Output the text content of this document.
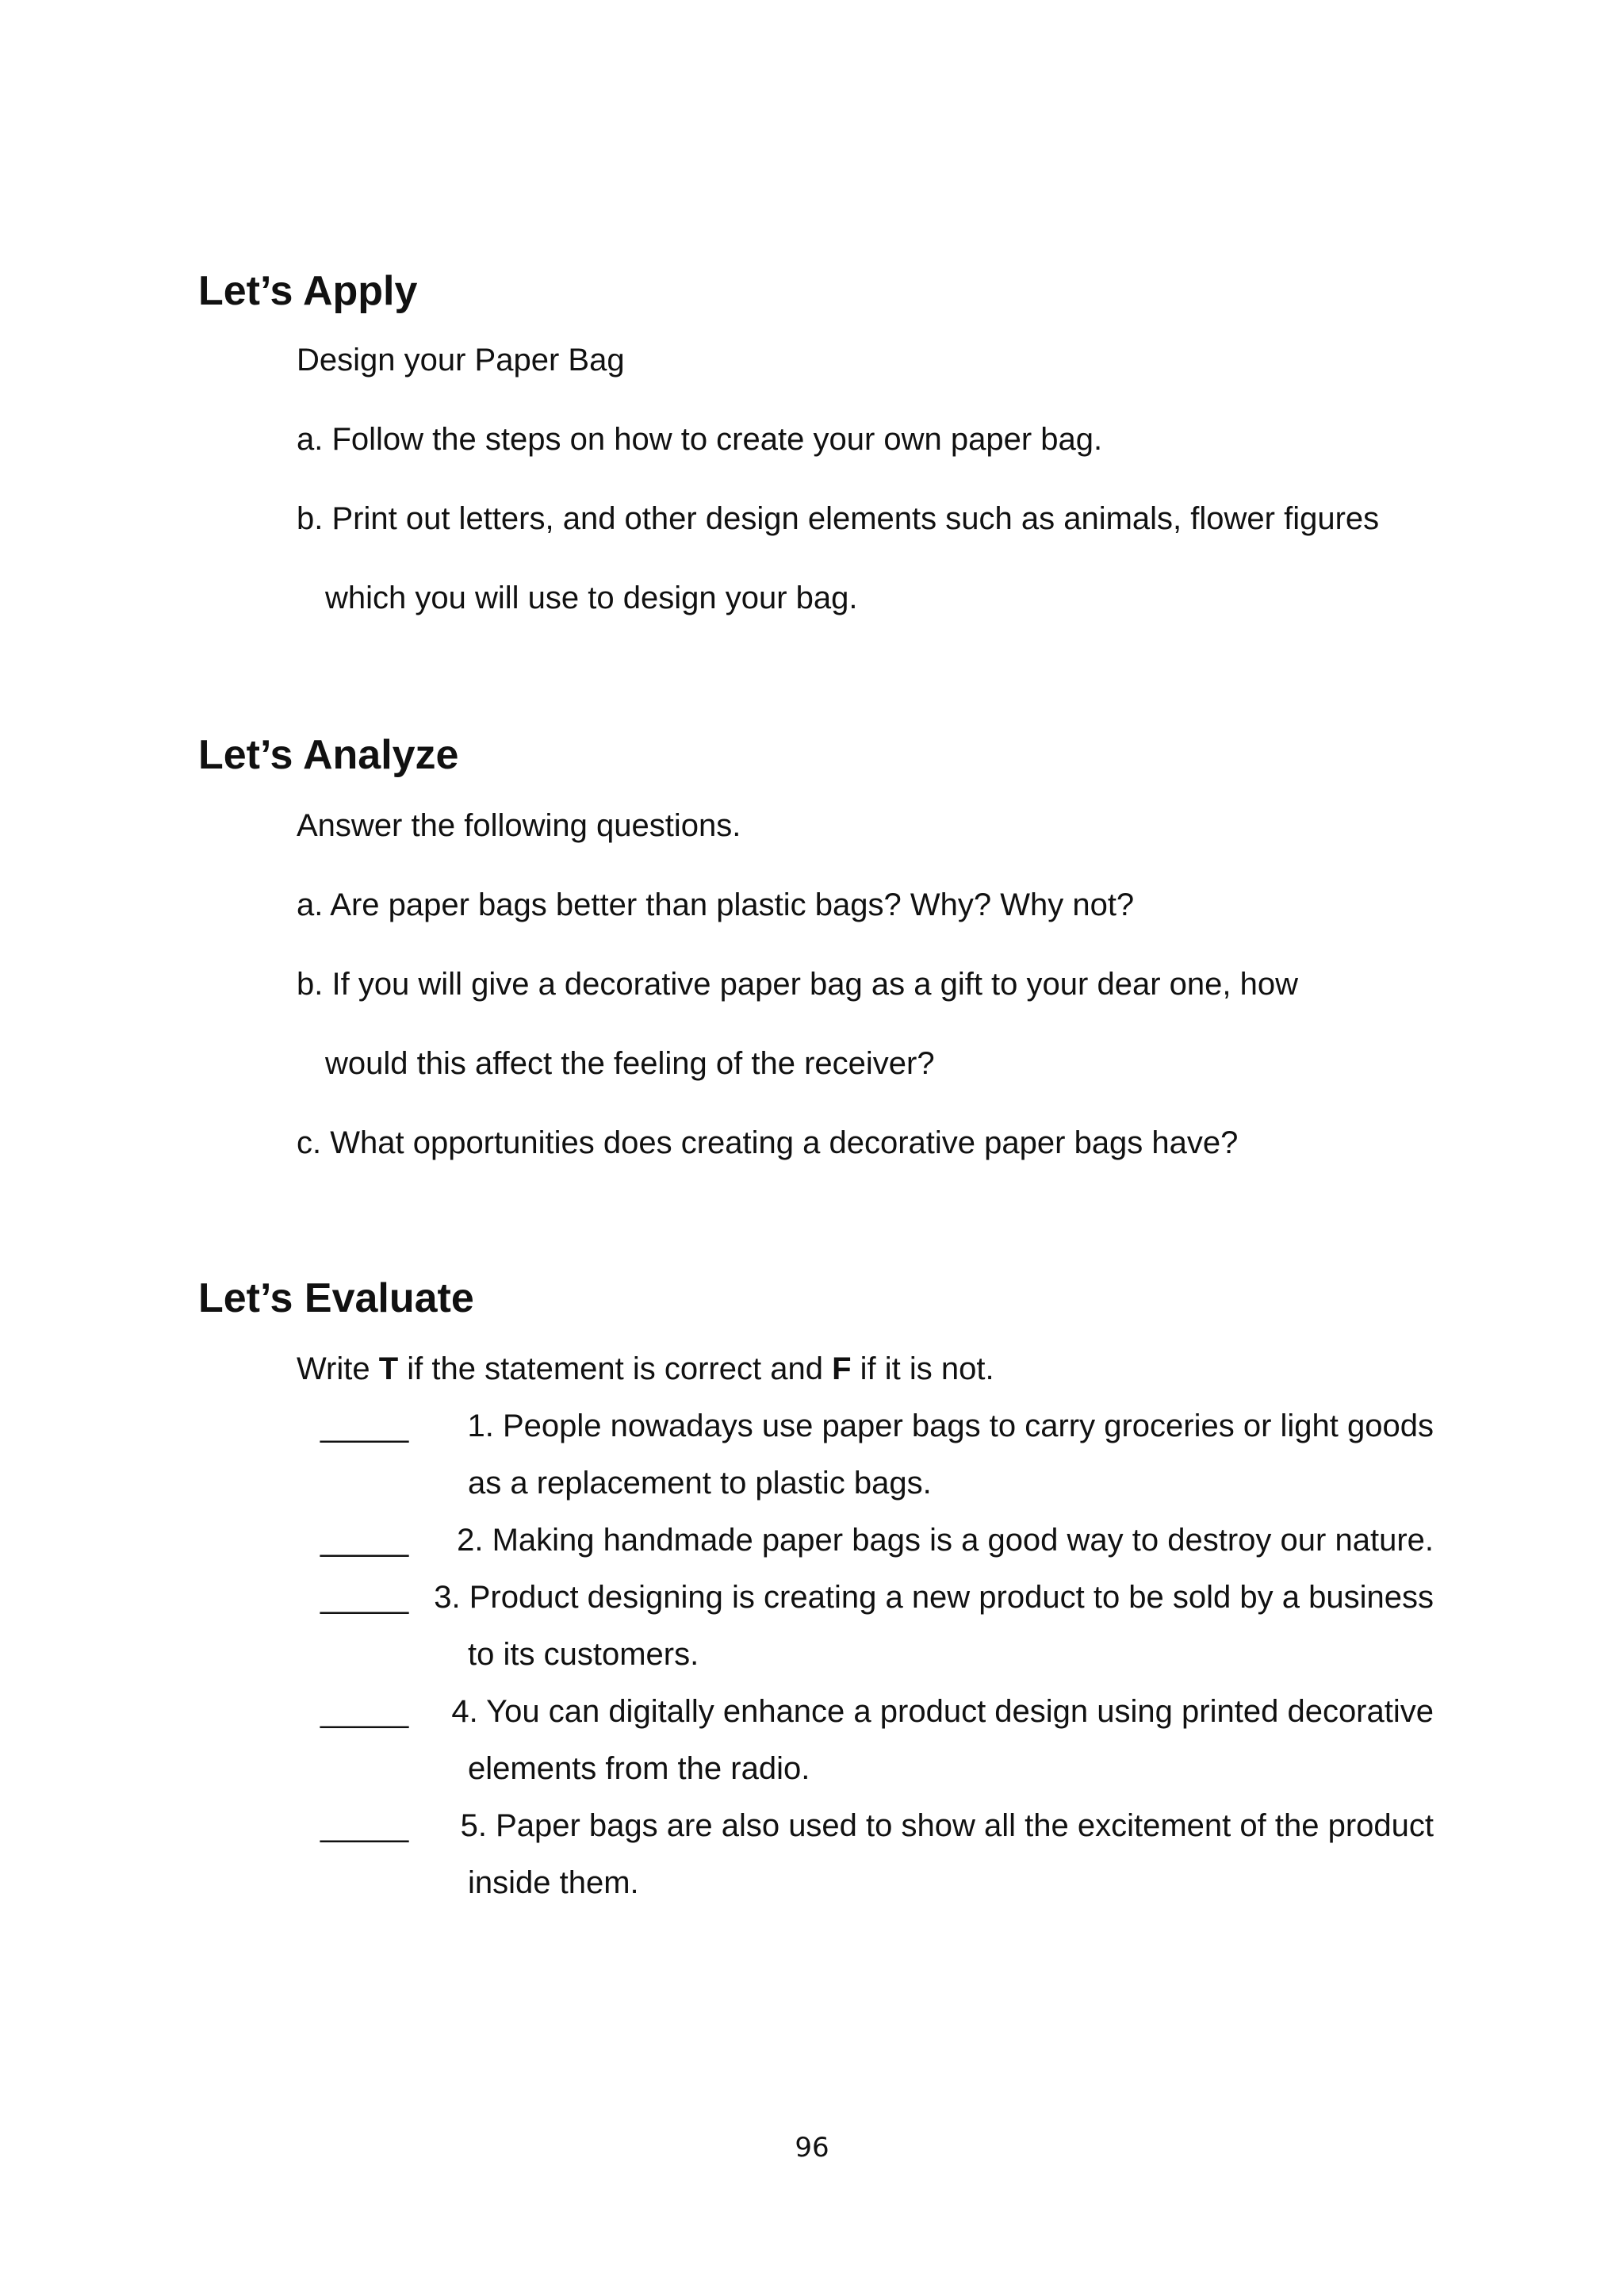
Let’s Apply

Design your Paper Bag

a. Follow the steps on how to create your own paper bag.

b. Print out letters, and other design elements such as animals, flower figures

which you will use to design your bag.

Let’s Analyze

Answer the following questions.

a. Are paper bags better than plastic bags? Why? Why not?

b. If you will give a decorative paper bag as a gift to your dear one, how

would this affect the feeling of the receiver?

c. What opportunities does creating a decorative paper bags have?

Let’s Evaluate

Write T if the statement is correct and F if it is not.

_____ 1. People nowadays use paper bags to carry groceries or light goods

as a replacement to plastic bags.

_____ 2. Making handmade paper bags is a good way to destroy our nature.
_____ 3. Product designing is creating a new product to be sold by a business

to its customers.

_____ 4. You can digitally enhance a product design using printed decorative

elements from the radio.

_____ 5. Paper bags are also used to show all the excitement of the product

inside them.

96
